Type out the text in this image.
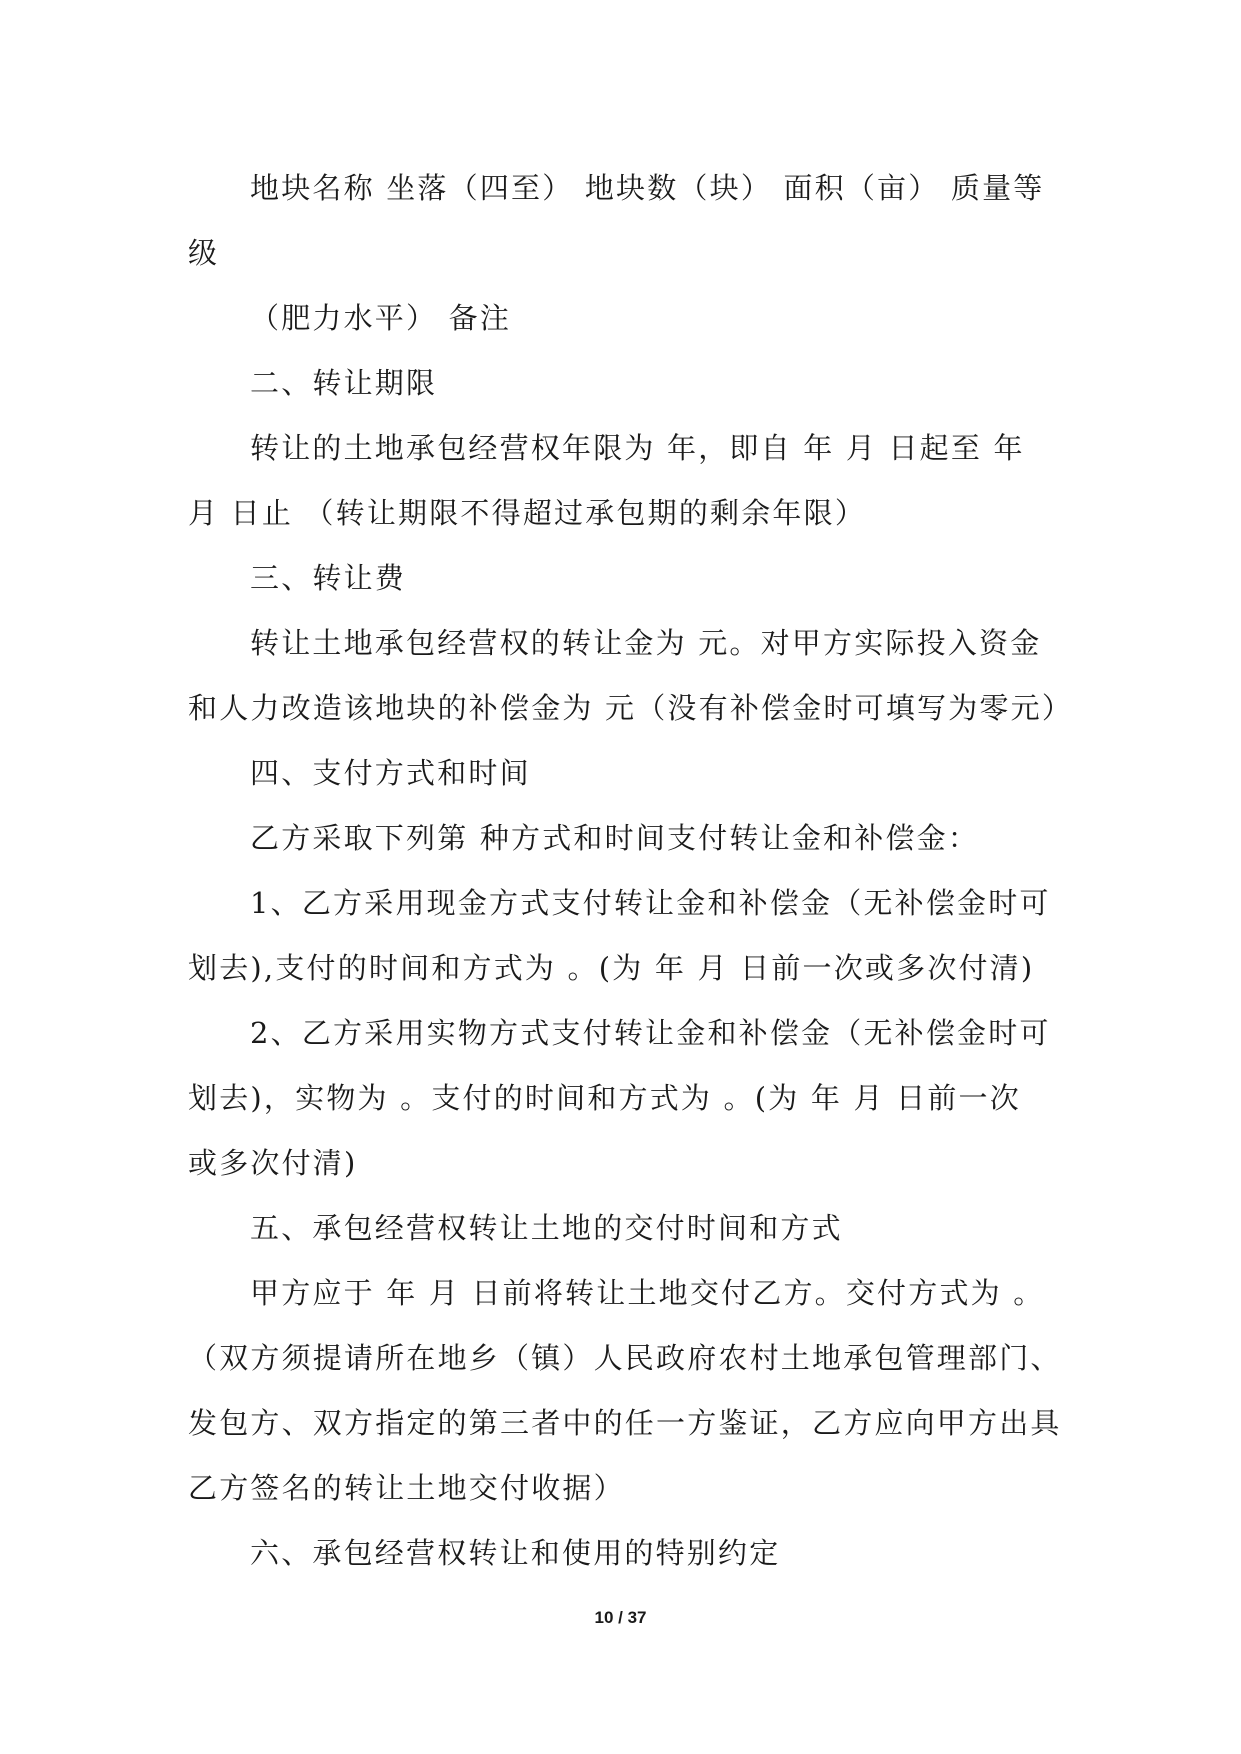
地块名称 坐落（四至） 地块数（块） 面积（亩） 质量等
级
（肥力水平） 备注
二、转让期限
转让的土地承包经营权年限为 年，即自 年 月 日起至 年
月 日止 （转让期限不得超过承包期的剩余年限）
三、转让费
转让土地承包经营权的转让金为 元。对甲方实际投入资金
和人力改造该地块的补偿金为 元（没有补偿金时可填写为零元）
四、支付方式和时间
乙方采取下列第 种方式和时间支付转让金和补偿金：
1、乙方采用现金方式支付转让金和补偿金（无补偿金时可
划去),支付的时间和方式为 。(为 年 月 日前一次或多次付清)
2、乙方采用实物方式支付转让金和补偿金（无补偿金时可
划去)，实物为 。支付的时间和方式为 。(为 年 月 日前一次
或多次付清)
五、承包经营权转让土地的交付时间和方式
甲方应于 年 月 日前将转让土地交付乙方。交付方式为 。
（双方须提请所在地乡（镇）人民政府农村土地承包管理部门、
发包方、双方指定的第三者中的任一方鉴证，乙方应向甲方出具
乙方签名的转让土地交付收据）
六、承包经营权转让和使用的特别约定
10 / 37
